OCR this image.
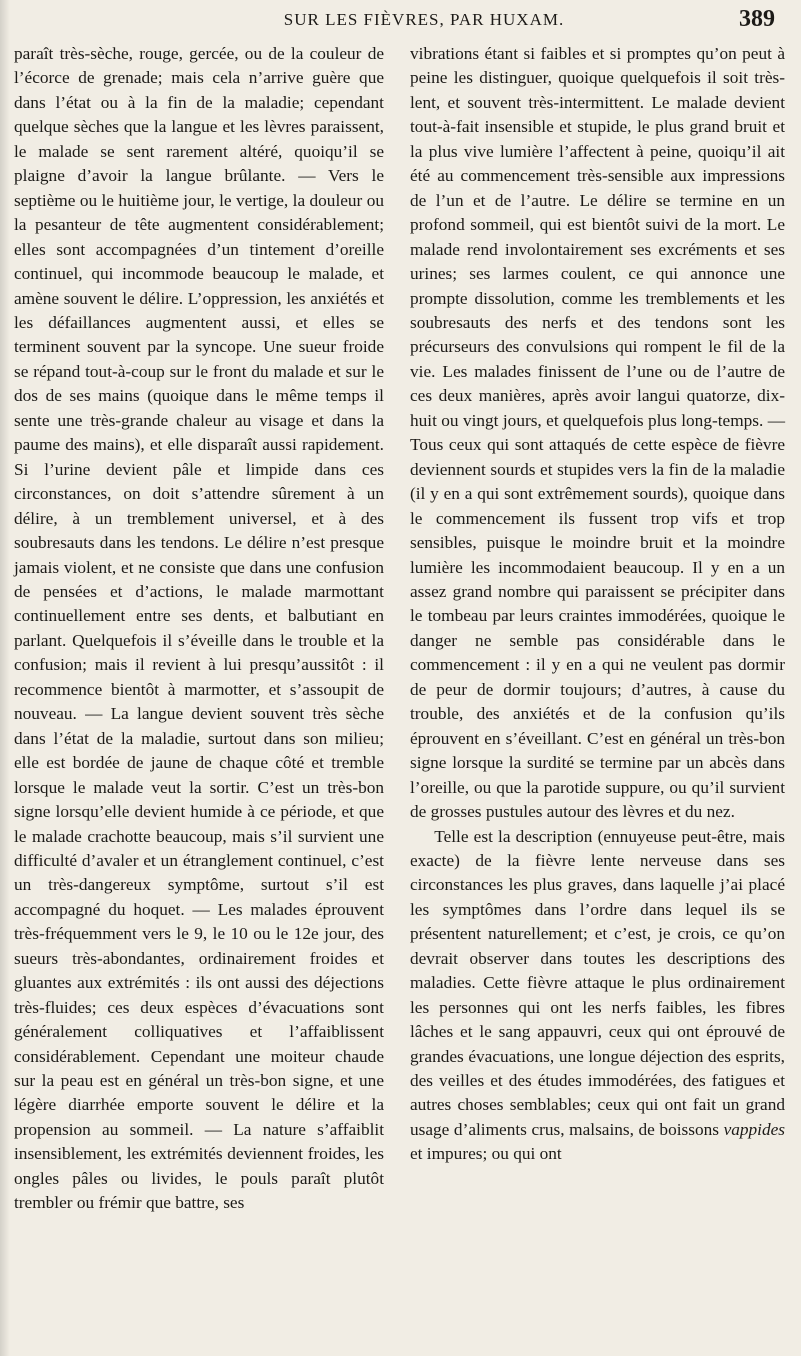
SUR LES FIÈVRES, PAR HUXAM.	389

paraît très-sèche, rouge, gercée, ou de la couleur de l’écorce de grenade; mais cela n’arrive guère que dans l’état ou à la fin de la maladie; cependant quelque sèches que la langue et les lèvres paraissent, le malade se sent rarement altéré, quoiqu’il se plaigne d’avoir la langue brûlante. — Vers le septième ou le huitième jour, le vertige, la douleur ou la pesanteur de tête augmentent considérablement; elles sont accompagnées d’un tintement d’oreille continuel, qui incommode beaucoup le malade, et amène souvent le délire. L’oppression, les anxiétés et les défaillances augmentent aussi, et elles se terminent souvent par la syncope. Une sueur froide se répand tout-à-coup sur le front du malade et sur le dos de ses mains (quoique dans le même temps il sente une très-grande chaleur au visage et dans la paume des mains), et elle disparaît aussi rapidement. Si l’urine devient pâle et limpide dans ces circonstances, on doit s’attendre sûrement à un délire, à un tremblement universel, et à des soubresauts dans les tendons. Le délire n’est presque jamais violent, et ne consiste que dans une confusion de pensées et d’actions, le malade marmottant continuellement entre ses dents, et balbutiant en parlant. Quelquefois il s’éveille dans le trouble et la confusion; mais il revient à lui presqu’aussitôt : il recommence bientôt à marmotter, et s’assoupit de nouveau. — La langue devient souvent très sèche dans l’état de la maladie, surtout dans son milieu; elle est bordée de jaune de chaque côté et tremble lorsque le malade veut la sortir. C’est un très-bon signe lorsqu’elle devient humide à ce période, et que le malade crachotte beaucoup, mais s’il survient une difficulté d’avaler et un étranglement continuel, c’est un très-dangereux symptôme, surtout s’il est accompagné du hoquet. — Les malades éprouvent très-fréquemment vers le 9, le 10 ou le 12e jour, des sueurs très-abondantes, ordinairement froides et gluantes aux extrémités : ils ont aussi des déjections très-fluides; ces deux espèces d’évacuations sont généralement colliquatives et l’affaiblissent considérablement. Cependant une moiteur chaude sur la peau est en général un très-bon signe, et une légère diarrhée emporte souvent le délire et la propension au sommeil. — La nature s’affaiblit insensiblement, les extrémités deviennent froides, les ongles pâles ou livides, le pouls paraît plutôt trembler ou frémir que battre, ses

vibrations étant si faibles et si promptes qu’on peut à peine les distinguer, quoique quelquefois il soit très-lent, et souvent très-intermittent. Le malade devient tout-à-fait insensible et stupide, le plus grand bruit et la plus vive lumière l’affectent à peine, quoiqu’il ait été au commencement très-sensible aux impressions de l’un et de l’autre. Le délire se termine en un profond sommeil, qui est bientôt suivi de la mort. Le malade rend involontairement ses excréments et ses urines; ses larmes coulent, ce qui annonce une prompte dissolution, comme les tremblements et les soubresauts des nerfs et des tendons sont les précurseurs des convulsions qui rompent le fil de la vie. Les malades finissent de l’une ou de l’autre de ces deux manières, après avoir langui quatorze, dix-huit ou vingt jours, et quelquefois plus long-temps. — Tous ceux qui sont attaqués de cette espèce de fièvre deviennent sourds et stupides vers la fin de la maladie (il y en a qui sont extrêmement sourds), quoique dans le commencement ils fussent trop vifs et trop sensibles, puisque le moindre bruit et la moindre lumière les incommodaient beaucoup. Il y en a un assez grand nombre qui paraissent se précipiter dans le tombeau par leurs craintes immodérées, quoique le danger ne semble pas considérable dans le commencement : il y en a qui ne veulent pas dormir de peur de dormir toujours; d’autres, à cause du trouble, des anxiétés et de la confusion qu’ils éprouvent en s’éveillant. C’est en général un très-bon signe lorsque la surdité se termine par un abcès dans l’oreille, ou que la parotide suppure, ou qu’il survient de grosses pustules autour des lèvres et du nez.

Telle est la description (ennuyeuse peut-être, mais exacte) de la fièvre lente nerveuse dans ses circonstances les plus graves, dans laquelle j’ai placé les symptômes dans l’ordre dans lequel ils se présentent naturellement; et c’est, je crois, ce qu’on devrait observer dans toutes les descriptions des maladies. Cette fièvre attaque le plus ordinairement les personnes qui ont les nerfs faibles, les fibres lâches et le sang appauvri, ceux qui ont éprouvé de grandes évacuations, une longue déjection des esprits, des veilles et des études immodérées, des fatigues et autres choses semblables; ceux qui ont fait un grand usage d’aliments crus, malsains, de boissons vappides et impures; ou qui ont
